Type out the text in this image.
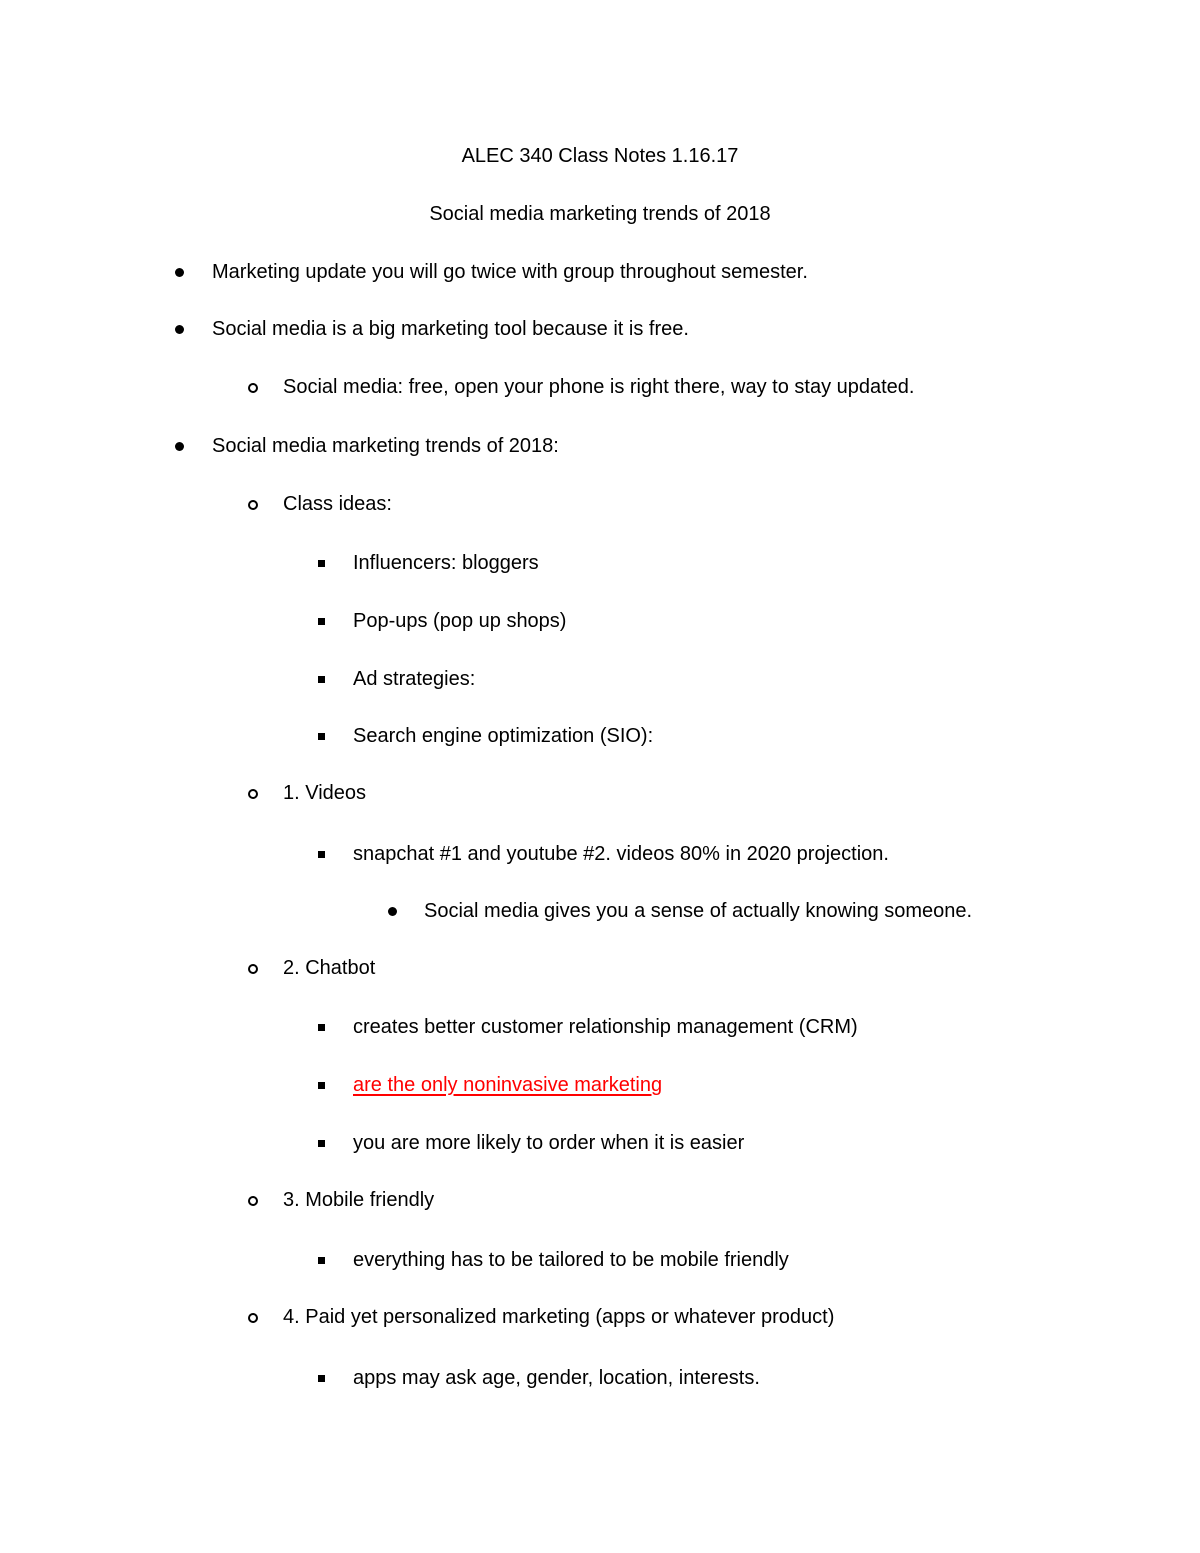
ALEC 340 Class Notes 1.16.17
Social media marketing trends of 2018
Marketing update you will go twice with group throughout semester.
Social media is a big marketing tool because it is free.
Social media: free, open your phone is right there, way to stay updated.
Social media marketing trends of 2018:
Class ideas:
Influencers: bloggers
Pop-ups (pop up shops)
Ad strategies:
Search engine optimization (SIO):
1. Videos
snapchat #1 and youtube #2. videos 80% in 2020 projection.
Social media gives you a sense of actually knowing someone.
2. Chatbot
creates better customer relationship management (CRM)
are the only noninvasive marketing
you are more likely to order when it is easier
3. Mobile friendly
everything has to be tailored to be mobile friendly
4. Paid yet personalized marketing (apps or whatever product)
apps may ask age, gender, location, interests.
